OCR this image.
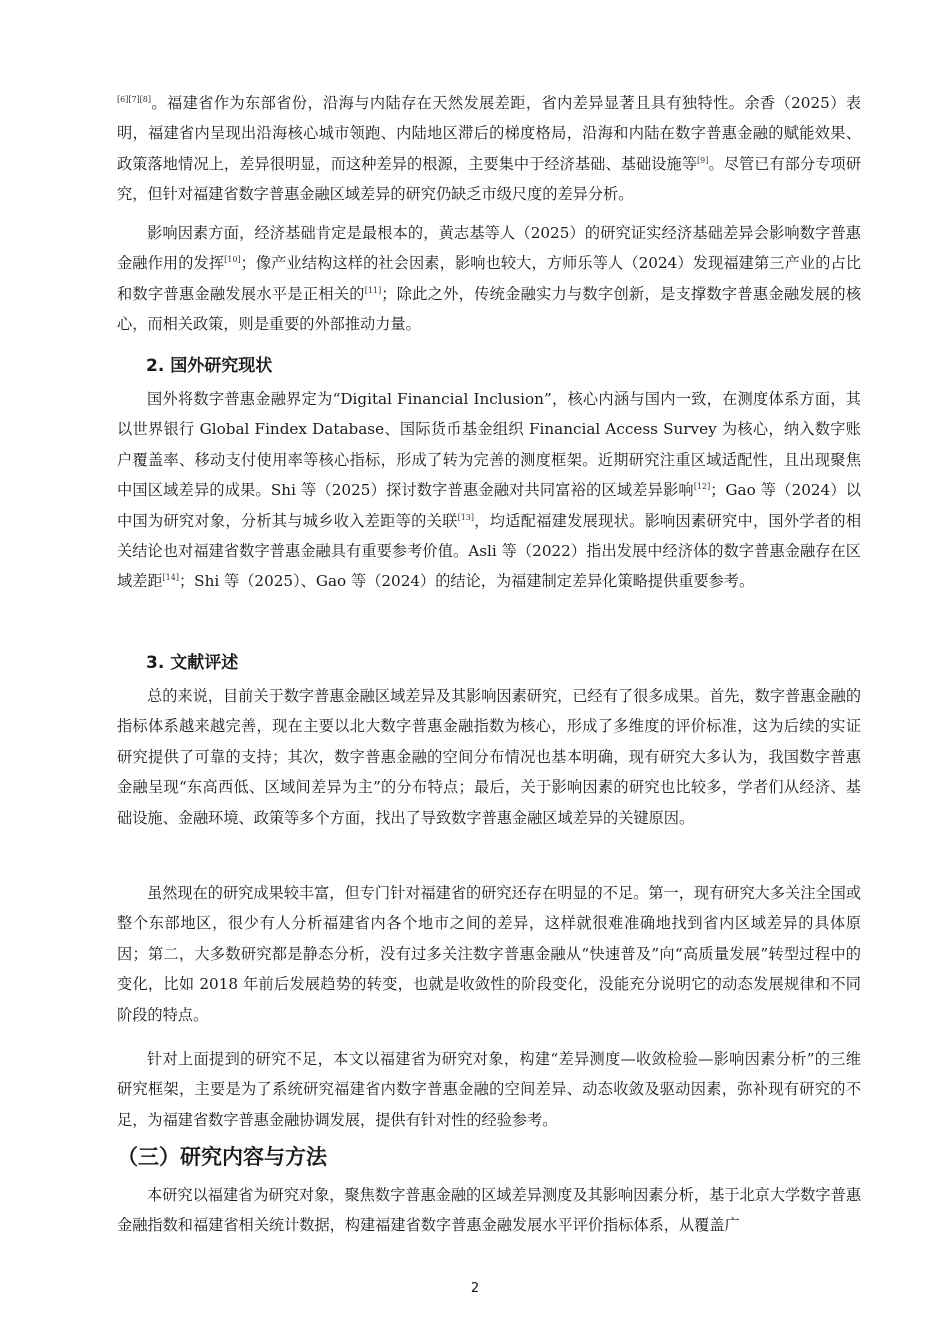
[6][7][8]。福建省作为东部省份，沿海与内陆存在天然发展差距，省内差异显著且具有独特性。余香（2025）表明，福建省内呈现出沿海核心城市领跑、内陆地区滞后的梯度格局，沿海和内陆在数字普惠金融的赋能效果、政策落地情况上，差异很明显，而这种差异的根源，主要集中于经济基础、基础设施等[9]。尽管已有部分专项研究，但针对福建省数字普惠金融区域差异的研究仍缺乏市级尺度的差异分析。

影响因素方面，经济基础肯定是最根本的，黄志基等人（2025）的研究证实经济基础差异会影响数字普惠金融作用的发挥[10]；像产业结构这样的社会因素，影响也较大，方师乐等人（2024）发现福建第三产业的占比和数字普惠金融发展水平是正相关的[11]；除此之外，传统金融实力与数字创新，是支撑数字普惠金融发展的核心，而相关政策，则是重要的外部推动力量。

2. 国外研究现状

国外将数字普惠金融界定为“Digital Financial Inclusion”，核心内涵与国内一致，在测度体系方面，其以世界银行 Global Findex Database、国际货币基金组织 Financial Access Survey 为核心，纳入数字账户覆盖率、移动支付使用率等核心指标，形成了转为完善的测度框架。近期研究注重区域适配性，且出现聚焦中国区域差异的成果。Shi 等（2025）探讨数字普惠金融对共同富裕的区域差异影响[12]；Gao 等（2024）以中国为研究对象，分析其与城乡收入差距等的关联[13]，均适配福建发展现状。影响因素研究中，国外学者的相关结论也对福建省数字普惠金融具有重要参考价值。Asli 等（2022）指出发展中经济体的数字普惠金融存在区域差距[14]；Shi 等（2025）、Gao 等（2024）的结论，为福建制定差异化策略提供重要参考。

3. 文献评述

总的来说，目前关于数字普惠金融区域差异及其影响因素研究，已经有了很多成果。首先，数字普惠金融的指标体系越来越完善，现在主要以北大数字普惠金融指数为核心，形成了多维度的评价标准，这为后续的实证研究提供了可靠的支持；其次，数字普惠金融的空间分布情况也基本明确，现有研究大多认为，我国数字普惠金融呈现“东高西低、区域间差异为主”的分布特点；最后，关于影响因素的研究也比较多，学者们从经济、基础设施、金融环境、政策等多个方面，找出了导致数字普惠金融区域差异的关键原因。

虽然现在的研究成果较丰富，但专门针对福建省的研究还存在明显的不足。第一，现有研究大多关注全国或整个东部地区，很少有人分析福建省内各个地市之间的差异，这样就很难准确地找到省内区域差异的具体原因；第二，大多数研究都是静态分析，没有过多关注数字普惠金融从“快速普及”向“高质量发展”转型过程中的变化，比如 2018 年前后发展趋势的转变，也就是收敛性的阶段变化，没能充分说明它的动态发展规律和不同阶段的特点。

针对上面提到的研究不足，本文以福建省为研究对象，构建“差异测度—收敛检验—影响因素分析”的三维研究框架，主要是为了系统研究福建省内数字普惠金融的空间差异、动态收敛及驱动因素，弥补现有研究的不足，为福建省数字普惠金融协调发展，提供有针对性的经验参考。

（三）研究内容与方法

本研究以福建省为研究对象，聚焦数字普惠金融的区域差异测度及其影响因素分析，基于北京大学数字普惠金融指数和福建省相关统计数据，构建福建省数字普惠金融发展水平评价指标体系，从覆盖广

2
